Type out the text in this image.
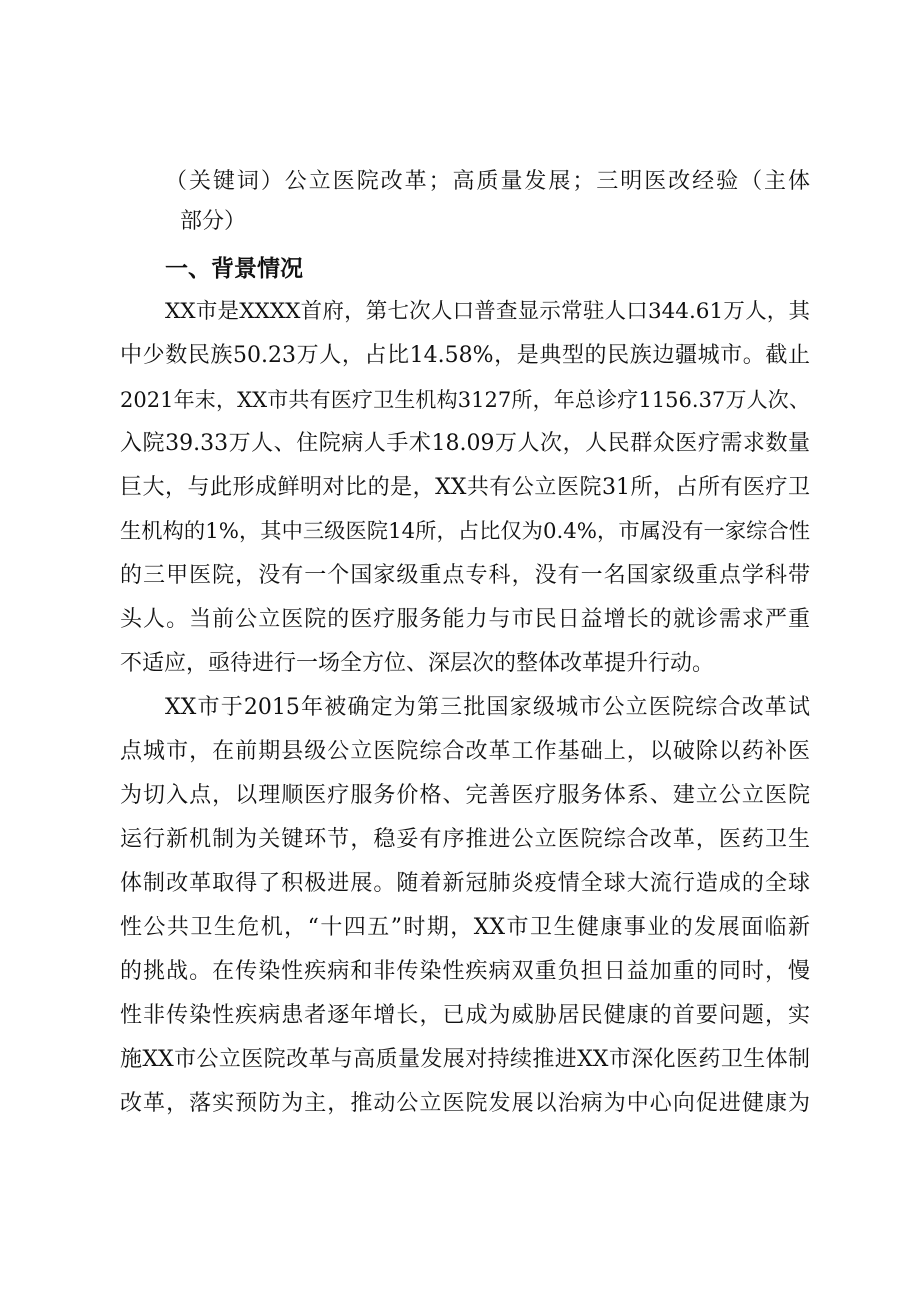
（关键词）公立医院改革；高质量发展；三明医改经验（主体
部分）
一、背景情况
XX市是XXXX首府，第七次人口普查显示常驻人口344.61万人，其
中少数民族50.23万人，占比14.58%，是典型的民族边疆城市。截止
2021年末，XX市共有医疗卫生机构3127所，年总诊疗1156.37万人次、
入院39.33万人、住院病人手术18.09万人次，人民群众医疗需求数量
巨大，与此形成鲜明对比的是，XX共有公立医院31所，占所有医疗卫
生机构的1%，其中三级医院14所，占比仅为0.4%，市属没有一家综合性
的三甲医院，没有一个国家级重点专科，没有一名国家级重点学科带
头人。当前公立医院的医疗服务能力与市民日益增长的就诊需求严重
不适应，亟待进行一场全方位、深层次的整体改革提升行动。
XX市于2015年被确定为第三批国家级城市公立医院综合改革试
点城市，在前期县级公立医院综合改革工作基础上，以破除以药补医
为切入点，以理顺医疗服务价格、完善医疗服务体系、建立公立医院
运行新机制为关键环节，稳妥有序推进公立医院综合改革，医药卫生
体制改革取得了积极进展。随着新冠肺炎疫情全球大流行造成的全球
性公共卫生危机，“十四五”时期，XX市卫生健康事业的发展面临新
的挑战。在传染性疾病和非传染性疾病双重负担日益加重的同时，慢
性非传染性疾病患者逐年增长，已成为威胁居民健康的首要问题，实
施XX市公立医院改革与高质量发展对持续推进XX市深化医药卫生体制
改革，落实预防为主，推动公立医院发展以治病为中心向促进健康为
